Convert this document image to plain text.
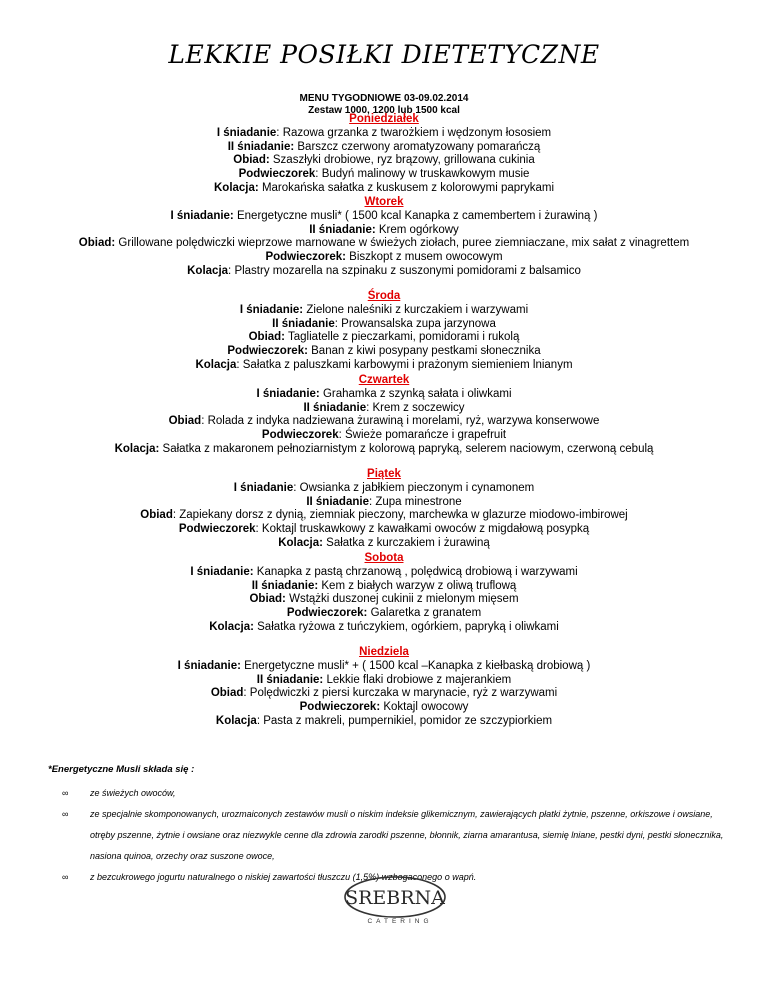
LEKKIE POSIŁKI DIETETYCZNE
MENU TYGODNIOWE 03-09.02.2014
Zestaw 1000, 1200 lub 1500 kcal
Poniedziałek
I śniadanie: Razowa grzanka z twarożkiem i wędzonym łososiem
II śniadanie: Barszcz czerwony aromatyzowany pomarańczą
Obiad: Szaszłyki drobiowe, ryz brązowy, grillowana cukinia
Podwieczorek: Budyń malinowy w truskawkowym musie
Kolacja: Marokańska sałatka z kuskusem z kolorowymi paprykami
Wtorek
I śniadanie: Energetyczne musli* ( 1500 kcal Kanapka z camembertem i żurawiną )
II śniadanie: Krem ogórkowy
Obiad: Grillowane polędwiczki wieprzowe marnowane w świeżych ziołach, puree ziemniaczane, mix sałat z vinagrettem
Podwieczorek: Biszkopt z musem owocowym
Kolacja: Plastry mozarella na szpinaku z suszonymi pomidorami z balsamico
Środa
I śniadanie: Zielone naleśniki z kurczakiem i warzywami
II śniadanie: Prowansalska zupa jarzynowa
Obiad: Tagliatelle z pieczarkami, pomidorami i rukolą
Podwieczorek: Banan z kiwi posypany pestkami słonecznika
Kolacja: Sałatka z paluszkami karbowymi i prażonym siemieniem lnianym
Czwartek
I śniadanie: Grahamka z szynką sałata i oliwkami
II śniadanie: Krem z soczewicy
Obiad: Rolada z indyka nadziewana żurawiną i morelami, ryż, warzywa konserwowe
Podwieczorek: Świeże pomarańcze i grapefruit
Kolacja: Sałatka z makaronem pełnoziarnistym z kolorową papryką, selerem naciowym, czerwoną cebulą
Piątek
I śniadanie: Owsianka z jabłkiem pieczonym i cynamonem
II śniadanie: Zupa minestrone
Obiad: Zapiekany dorsz z dynią, ziemniak pieczony, marchewka w glazurze miodowo-imbirowej
Podwieczorek: Koktajl truskawkowy z kawałkami owoców z migdałową posypką
Kolacja: Sałatka z kurczakiem i żurawiną
Sobota
I śniadanie: Kanapka z pastą chrzanową , polędwicą drobiową i warzywami
II śniadanie: Kem z białych warzyw z oliwą truflową
Obiad: Wstążki duszonej cukinii z mielonym mięsem
Podwieczorek: Galaretka z granatem
Kolacja: Sałatka ryżowa z tuńczykiem, ogórkiem, papryką i oliwkami
Niedziela
I śniadanie: Energetyczne musli* + ( 1500 kcal –Kanapka z kiełbaską drobiową )
II śniadanie: Lekkie flaki drobiowe z majerankiem
Obiad: Polędwiczki z piersi kurczaka w marynacie, ryż z warzywami
Podwieczorek: Koktajl owocowy
Kolacja: Pasta z makreli, pumpernikiel, pomidor ze szczypiorkiem
*Energetyczne Musli składa się :
∞ ze świeżych owoców,
∞ ze specjalnie skomponowanych, urozmaiconych zestawów musli o niskim indeksie glikemicznym, zawierających płatki żytnie, pszenne, orkiszowe i owsiane, otręby pszenne, żytnie i owsiane oraz niezwykle cenne dla zdrowia zarodki pszenne, błonnik, ziarna amarantusa, siemię lniane, pestki dyni, pestki słonecznika, nasiona quinoa, orzechy oraz suszone owoce,
∞ z bezcukrowego jogurtu naturalnego o niskiej zawartości tłuszczu (1,5%) wzbogaconego o wapń.
SREBRNA
CATERING
